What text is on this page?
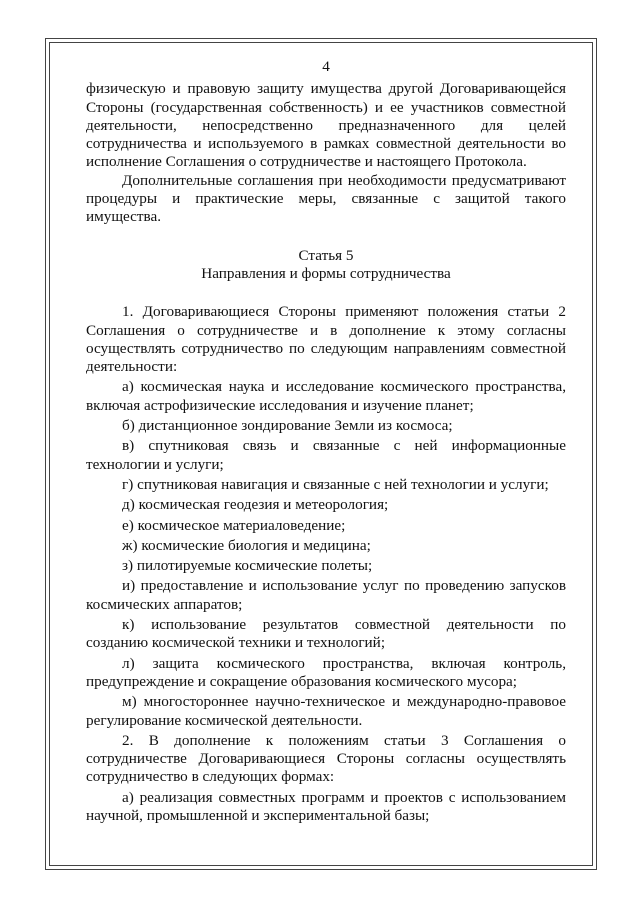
4

физическую и правовую защиту имущества другой Договаривающейся Стороны (государственная собственность) и ее участников совместной деятельности, непосредственно предназначенного для целей сотрудничества и используемого в рамках совместной деятельности во исполнение Соглашения о сотрудничестве и настоящего Протокола.

Дополнительные соглашения при необходимости предусматривают процедуры и практические меры, связанные с защитой такого имущества.

Статья 5
Направления и формы сотрудничества

1. Договаривающиеся Стороны применяют положения статьи 2 Соглашения о сотрудничестве и в дополнение к этому согласны осуществлять сотрудничество по следующим направлениям совместной деятельности:

а) космическая наука и исследование космического пространства, включая астрофизические исследования и изучение планет;

б) дистанционное зондирование Земли из космоса;

в) спутниковая связь и связанные с ней информационные технологии и услуги;

г) спутниковая навигация и связанные с ней технологии и услуги;

д) космическая геодезия и метеорология;

е) космическое материаловедение;

ж) космические биология и медицина;

з) пилотируемые космические полеты;

и) предоставление и использование услуг по проведению запусков космических аппаратов;

к) использование результатов совместной деятельности по созданию космической техники и технологий;

л) защита космического пространства, включая контроль, предупреждение и сокращение образования космического мусора;

м) многостороннее научно-техническое и международно-правовое регулирование космической деятельности.

2. В дополнение к положениям статьи 3 Соглашения о сотрудничестве Договаривающиеся Стороны согласны осуществлять сотрудничество в следующих формах:

а) реализация совместных программ и проектов с использованием научной, промышленной и экспериментальной базы;
